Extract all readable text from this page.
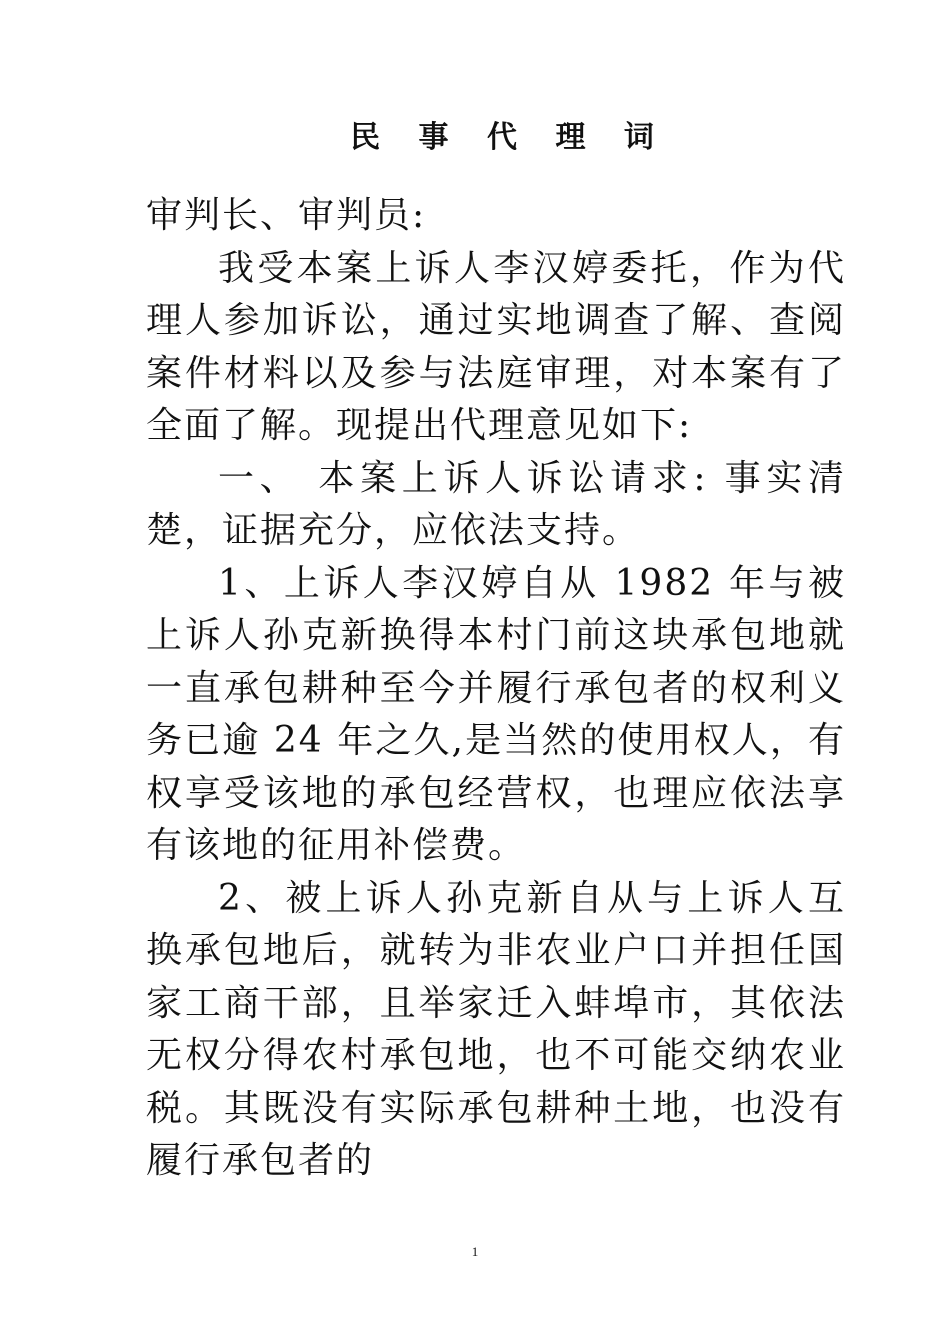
民 事 代 理 词

审判长、审判员:

我受本案上诉人李汉婷委托，作为代理人参加诉讼，通过实地调查了解、查阅案件材料以及参与法庭审理，对本案有了全面了解。现提出代理意见如下:

一、 本案上诉人诉讼请求: 事实清楚，证据充分，应依法支持。

1、上诉人李汉婷自从 1982 年与被上诉人孙克新换得本村门前这块承包地就一直承包耕种至今并履行承包者的权利义务已逾 24 年之久,是当然的使用权人，有权享受该地的承包经营权，也理应依法享有该地的征用补偿费。

2、被上诉人孙克新自从与上诉人互换承包地后，就转为非农业户口并担任国家工商干部，且举家迁入蚌埠市，其依法无权分得农村承包地，也不可能交纳农业税。其既没有实际承包耕种土地，也没有履行承包者的

1
